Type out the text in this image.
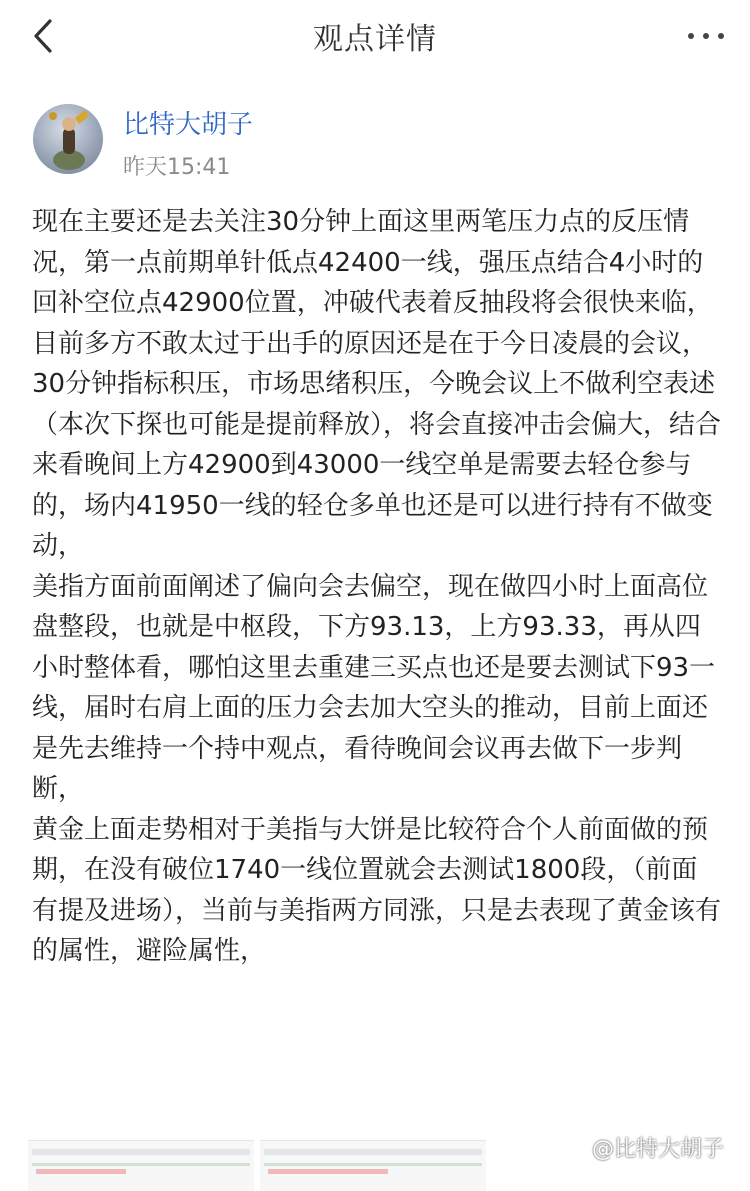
观点详情
比特大胡子
昨天15:41

现在主要还是去关注30分钟上面这里两笔压力点的反压情况，第一点前期单针低点42400一线，强压点结合4小时的回补空位点42900位置，冲破代表着反抽段将会很快来临，目前多方不敢太过于出手的原因还是在于今日凌晨的会议，30分钟指标积压，市场思绪积压，今晚会议上不做利空表述（本次下探也可能是提前释放），将会直接冲击会偏大，结合来看晚间上方42900到43000一线空单是需要去轻仓参与的，场内41950一线的轻仓多单也还是可以进行持有不做变动，

美指方面前面阐述了偏向会去偏空，现在做四小时上面高位盘整段，也就是中枢段，下方93.13，上方93.33，再从四小时整体看，哪怕这里去重建三买点也还是要去测试下93一线，届时右肩上面的压力会去加大空头的推动，目前上面还是先去维持一个持中观点，看待晚间会议再去做下一步判断，

黄金上面走势相对于美指与大饼是比较符合个人前面做的预期，在没有破位1740一线位置就会去测试1800段，（前面有提及进场），当前与美指两方同涨，只是去表现了黄金该有的属性，避险属性，

@比特大胡子
